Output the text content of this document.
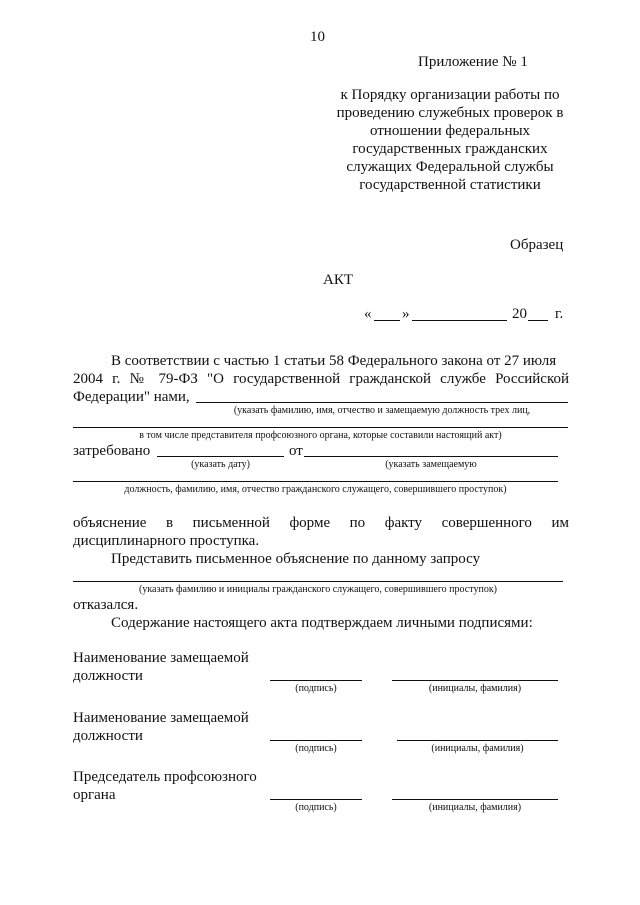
10
Приложение № 1
к Порядку организации работы по
проведению служебных проверок в
отношении федеральных
государственных гражданских
служащих Федеральной службы
государственной статистики
Образец
АКТ
« »	20 г.
В соответствии с частью 1 статьи 58 Федерального закона от 27 июля
2004 г. № 79-ФЗ "О государственной гражданской службе Российской
Федерации" нами,
(указать фамилию, имя, отчество и замещаемую должность трех лиц,
в том числе представителя профсоюзного органа, которые составили настоящий акт)
затребовано	от
(указать дату)	(указать замещаемую
должность, фамилию, имя, отчество гражданского служащего, совершившего проступок)
объяснение в письменной форме по факту совершенного им
дисциплинарного проступка.
Представить письменное объяснение по данному запросу
(указать фамилию и инициалы гражданского служащего, совершившего проступок)
отказался.
Содержание настоящего акта подтверждаем личными подписями:
Наименование замещаемой
должности
(подпись)	(инициалы, фамилия)
Наименование замещаемой
должности
(подпись)	(инициалы, фамилия)
Председатель профсоюзного
органа
(подпись)	(инициалы, фамилия)
